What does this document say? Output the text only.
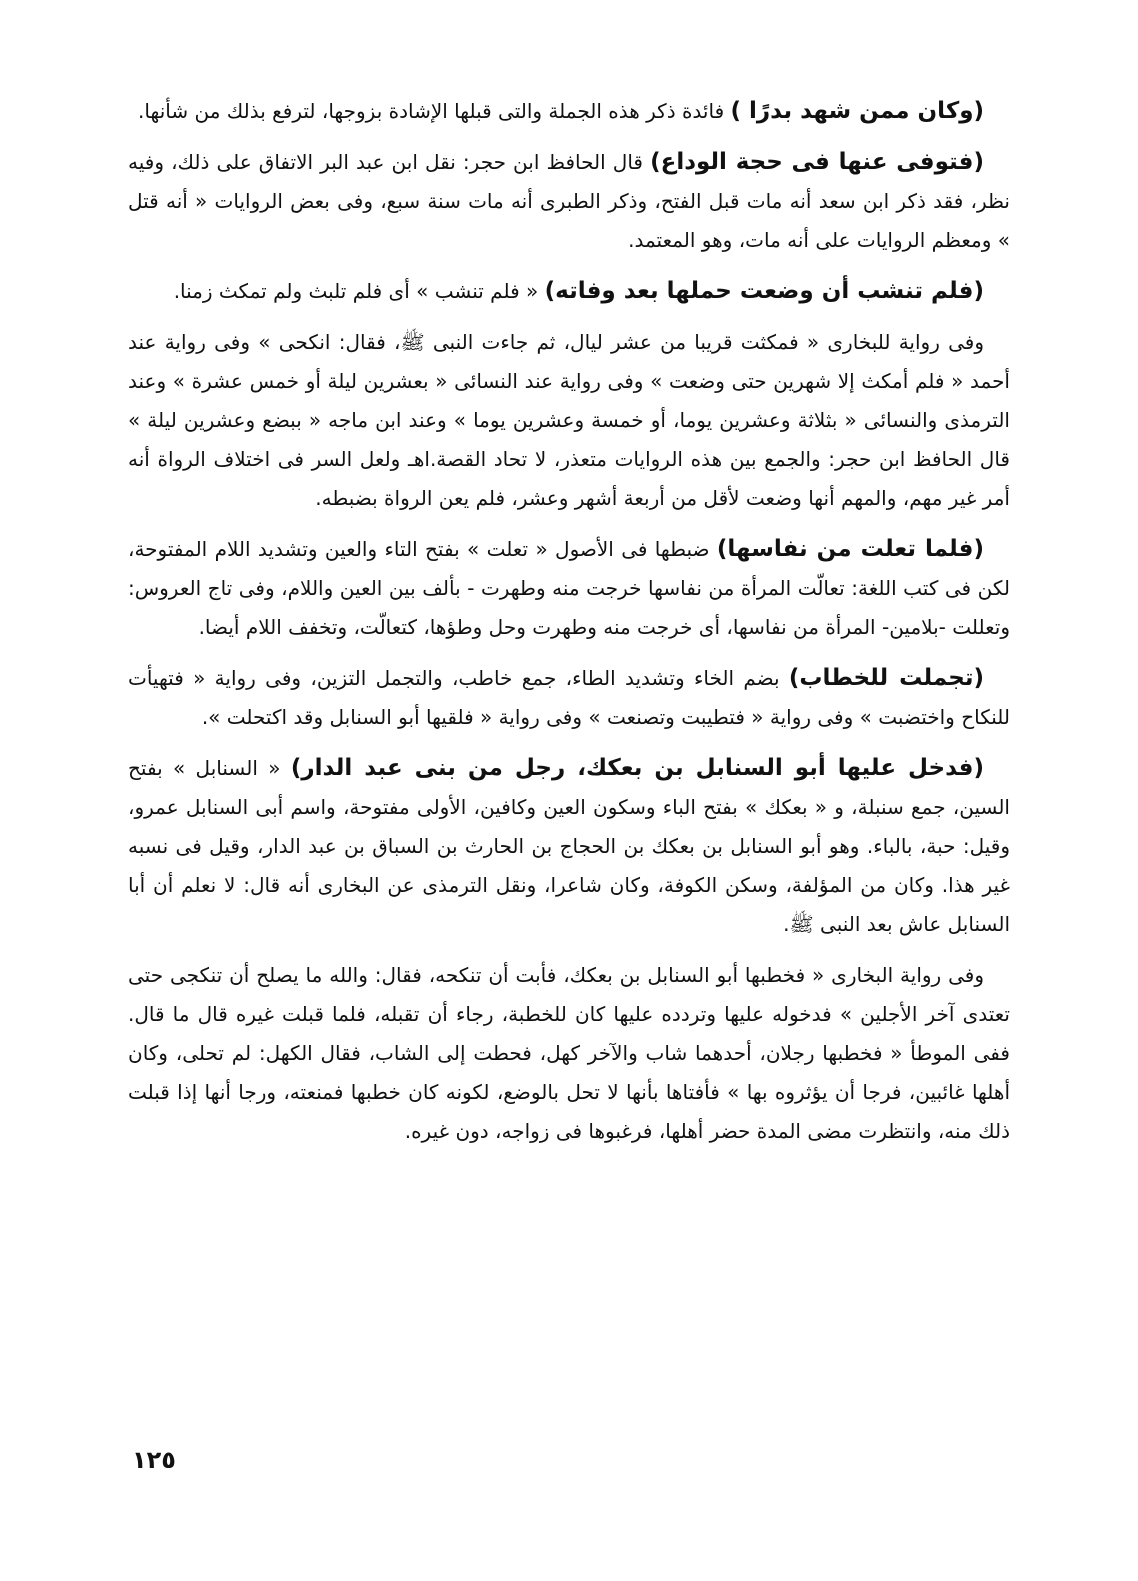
(وكان ممن شهد بدرًا ) فائدة ذكر هذه الجملة والتى قبلها الإشادة بزوجها، لترفع بذلك من شأنها.

(فتوفى عنها فى حجة الوداع) قال الحافظ ابن حجر: نقل ابن عبد البر الاتفاق على ذلك، وفيه نظر، فقد ذكر ابن سعد أنه مات قبل الفتح، وذكر الطبرى أنه مات سنة سبع، وفى بعض الروايات « أنه قتل » ومعظم الروايات على أنه مات، وهو المعتمد.

(فلم تنشب أن وضعت حملها بعد وفاته) « فلم تنشب » أى فلم تلبث ولم تمكث زمنا.

وفى رواية للبخارى « فمكثت قريبا من عشر ليال، ثم جاءت النبى ﷺ، فقال: انكحى » وفى رواية عند أحمد « فلم أمكث إلا شهرين حتى وضعت » وفى رواية عند النسائى « بعشرين ليلة أو خمس عشرة » وعند الترمذى والنسائى « بثلاثة وعشرين يوما، أو خمسة وعشرين يوما » وعند ابن ماجه « ببضع وعشرين ليلة » قال الحافظ ابن حجر: والجمع بين هذه الروايات متعذر، لا تحاد القصة.اهـ ولعل السر فى اختلاف الرواة أنه أمر غير مهم، والمهم أنها وضعت لأقل من أربعة أشهر وعشر، فلم يعن الرواة بضبطه.

(فلما تعلت من نفاسها) ضبطها فى الأصول « تعلت » بفتح التاء والعين وتشديد اللام المفتوحة، لكن فى كتب اللغة: تعالّت المرأة من نفاسها خرجت منه وطهرت - بألف بين العين واللام، وفى تاج العروس: وتعللت -بلامين- المرأة من نفاسها، أى خرجت منه وطهرت وحل وطؤها، كتعالّت، وتخفف اللام أيضا.

(تجملت للخطاب) بضم الخاء وتشديد الطاء، جمع خاطب، والتجمل التزين، وفى رواية « فتهيأت للنكاح واختضبت » وفى رواية « فتطيبت وتصنعت » وفى رواية « فلقيها أبو السنابل وقد اكتحلت ».

(فدخل عليها أبو السنابل بن بعكك، رجل من بنى عبد الدار) « السنابل » بفتح السين، جمع سنبلة، و « بعكك » بفتح الباء وسكون العين وكافين، الأولى مفتوحة، واسم أبى السنابل عمرو، وقيل: حبة، بالباء. وهو أبو السنابل بن بعكك بن الحجاج بن الحارث بن السباق بن عبد الدار، وقيل فى نسبه غير هذا. وكان من المؤلفة، وسكن الكوفة، وكان شاعرا، ونقل الترمذى عن البخارى أنه قال: لا نعلم أن أبا السنابل عاش بعد النبى ﷺ.

وفى رواية البخارى « فخطبها أبو السنابل بن بعكك، فأبت أن تنكحه، فقال: والله ما يصلح أن تنكجى حتى تعتدى آخر الأجلين » فدخوله عليها وتردده عليها كان للخطبة، رجاء أن تقبله، فلما قبلت غيره قال ما قال. ففى الموطأ « فخطبها رجلان، أحدهما شاب والآخر كهل، فحطت إلى الشاب، فقال الكهل: لم تحلى، وكان أهلها غائبين، فرجا أن يؤثروه بها » فأفتاها بأنها لا تحل بالوضع، لكونه كان خطبها فمنعته، ورجا أنها إذا قبلت ذلك منه، وانتظرت مضى المدة حضر أهلها، فرغبوها فى زواجه، دون غيره.

١٢٥
